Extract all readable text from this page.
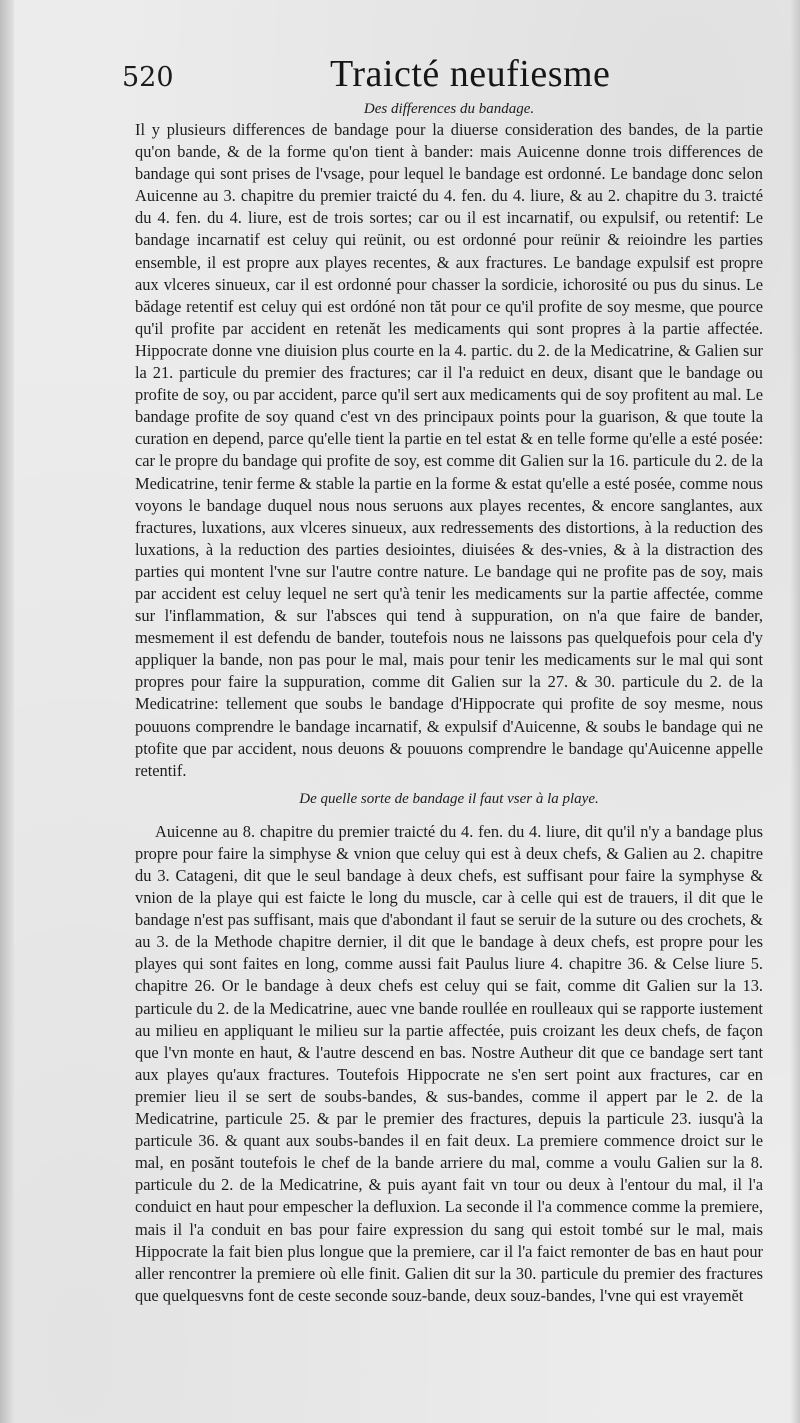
520	Traicté neufiesme

Des differences du bandage.

Il y plusieurs differences de bandage pour la diuerse consideration des bandes, de la partie qu'on bande, & de la forme qu'on tient à bander: mais Auicenne donne trois differences de bandage qui sont prises de l'vsage, pour lequel le bandage est ordonné. Le bandage donc selon Auicenne au 3. chapitre du premier traicté du 4. fen. du 4. liure, & au 2. chapitre du 3. traicté du 4. fen. du 4. liure, est de trois sortes; car ou il est incarnatif, ou expulsif, ou retentif: Le bandage incarnatif est celuy qui reünit, ou est ordonné pour reünir & reioindre les parties ensemble, il est propre aux playes recentes, & aux fractures. Le bandage expulsif est propre aux vlceres sinueux, car il est ordonné pour chasser la sordicie, ichorosité ou pus du sinus. Le bădage retentif est celuy qui est ordóné non tăt pour ce qu'il profite de soy mesme, que pource qu'il profite par accident en retenăt les medicaments qui sont propres à la partie affectée. Hippocrate donne vne diuision plus courte en la 4. partic. du 2. de la Medicatrine, & Galien sur la 21. particule du premier des fractures; car il l'a reduict en deux, disant que le bandage ou profite de soy, ou par accident, parce qu'il sert aux medicaments qui de soy profitent au mal. Le bandage profite de soy quand c'est vn des principaux points pour la guarison, & que toute la curation en depend, parce qu'elle tient la partie en tel estat & en telle forme qu'elle a esté posée: car le propre du bandage qui profite de soy, est comme dit Galien sur la 16. particule du 2. de la Medicatrine, tenir ferme & stable la partie en la forme & estat qu'elle a esté posée, comme nous voyons le bandage duquel nous nous seruons aux playes recentes, & encore sanglantes, aux fractures, luxations, aux vlceres sinueux, aux redressements des distortions, à la reduction des luxations, à la reduction des parties desiointes, diuisées & des-vnies, & à la distraction des parties qui montent l'vne sur l'autre contre nature. Le bandage qui ne profite pas de soy, mais par accident est celuy lequel ne sert qu'à tenir les medicaments sur la partie affectée, comme sur l'inflammation, & sur l'absces qui tend à suppuration, on n'a que faire de bander, mesmement il est defendu de bander, toutefois nous ne laissons pas quelquefois pour cela d'y appliquer la bande, non pas pour le mal, mais pour tenir les medicaments sur le mal qui sont propres pour faire la suppuration, comme dit Galien sur la 27. & 30. particule du 2. de la Medicatrine: tellement que soubs le bandage d'Hippocrate qui profite de soy mesme, nous pouuons comprendre le bandage incarnatif, & expulsif d'Auicenne, & soubs le bandage qui ne ptofite que par accident, nous deuons & pouuons comprendre le bandage qu'Auicenne appelle retentif.

De quelle sorte de bandage il faut vser à la playe.

Auicenne au 8. chapitre du premier traicté du 4. fen. du 4. liure, dit qu'il n'y a bandage plus propre pour faire la simphyse & vnion que celuy qui est à deux chefs, & Galien au 2. chapitre du 3. Catageni, dit que le seul bandage à deux chefs, est suffisant pour faire la symphyse & vnion de la playe qui est faicte le long du muscle, car à celle qui est de trauers, il dit que le bandage n'est pas suffisant, mais que d'abondant il faut se seruir de la suture ou des crochets, & au 3. de la Methode chapitre dernier, il dit que le bandage à deux chefs, est propre pour les playes qui sont faites en long, comme aussi fait Paulus liure 4. chapitre 36. & Celse liure 5. chapitre 26. Or le bandage à deux chefs est celuy qui se fait, comme dit Galien sur la 13. particule du 2. de la Medicatrine, auec vne bande roullée en roulleaux qui se rapporte iustement au milieu en appliquant le milieu sur la partie affectée, puis croizant les deux chefs, de façon que l'vn monte en haut, & l'autre descend en bas. Nostre Autheur dit que ce bandage sert tant aux playes qu'aux fractures. Toutefois Hippocrate ne s'en sert point aux fractures, car en premier lieu il se sert de soubs-bandes, & sus-bandes, comme il appert par le 2. de la Medicatrine, particule 25. & par le premier des fractures, depuis la particule 23. iusqu'à la particule 36. & quant aux soubs-bandes il en fait deux. La premiere commence droict sur le mal, en posănt toutefois le chef de la bande arriere du mal, comme a voulu Galien sur la 8. particule du 2. de la Medicatrine, & puis ayant fait vn tour ou deux à l'entour du mal, il l'a conduict en haut pour empescher la defluxion. La seconde il l'a commence comme la premiere, mais il l'a conduit en bas pour faire expression du sang qui estoit tombé sur le mal, mais Hippocrate la fait bien plus longue que la premiere, car il l'a faict remonter de bas en haut pour aller rencontrer la premiere où elle finit. Galien dit sur la 30. particule du premier des fractures que quelquesvns font de ceste seconde souz-bande, deux souz-bandes, l'vne qui est vrayemĕt
